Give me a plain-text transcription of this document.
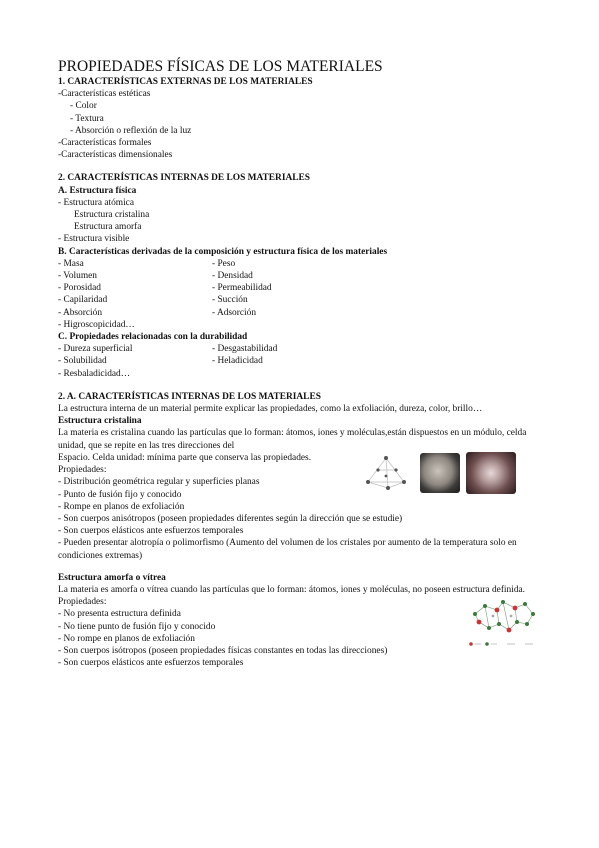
PROPIEDADES FÍSICAS DE LOS MATERIALES
1. CARACTERÍSTICAS EXTERNAS DE LOS MATERIALES
-Características estéticas
- Color
- Textura
- Absorción o reflexión de la luz
-Características formales
-Características dimensionales
2. CARACTERÍSTICAS INTERNAS DE LOS MATERIALES
A. Estructura física
- Estructura atómica
Estructura cristalina
Estructura amorfa
- Estructura visible
B. Características derivadas de la composición y estructura física de los materiales
- Masa	- Peso
- Volumen	- Densidad
- Porosidad	- Permeabilidad
- Capilaridad	- Succión
- Absorción	- Adsorción
- Higroscopicidad…
C. Propiedades relacionadas con la durabilidad
- Dureza superficial	- Desgastabilidad
- Solubilidad	- Heladicidad
- Resbaladicidad…
2. A. CARACTERÍSTICAS INTERNAS DE LOS MATERIALES
La estructura interna de un material permite explicar las propiedades, como la exfoliación, dureza, color, brillo…
Estructura cristalina
La materia es cristalina cuando las partículas que lo forman: átomos, iones y moléculas,están dispuestos en un módulo, celda unidad, que se repite en las tres direcciones del
Espacio. Celda unidad: mínima parte que conserva las propiedades.
Propiedades:
- Distribución geométrica regular y superficies planas
- Punto de fusión fijo y conocido
- Rompe en planos de exfoliación
- Son cuerpos anisótropos (poseen propiedades diferentes según la dirección que se estudie)
- Son cuerpos elásticos ante esfuerzos temporales
- Pueden presentar alotropía o polimorfismo (Aumento del volumen de los cristales por aumento de la temperatura solo en condiciones extremas)
Estructura amorfa o vítrea
La materia es amorfa o vítrea cuando las partículas que lo forman: átomos, iones y moléculas, no poseen estructura definida.
Propiedades:
- No presenta estructura definida
- No tiene punto de fusión fijo y conocido
- No rompe en planos de exfoliación
- Son cuerpos isótropos (poseen propiedades físicas constantes en todas las direcciones)
- Son cuerpos elásticos ante esfuerzos temporales
